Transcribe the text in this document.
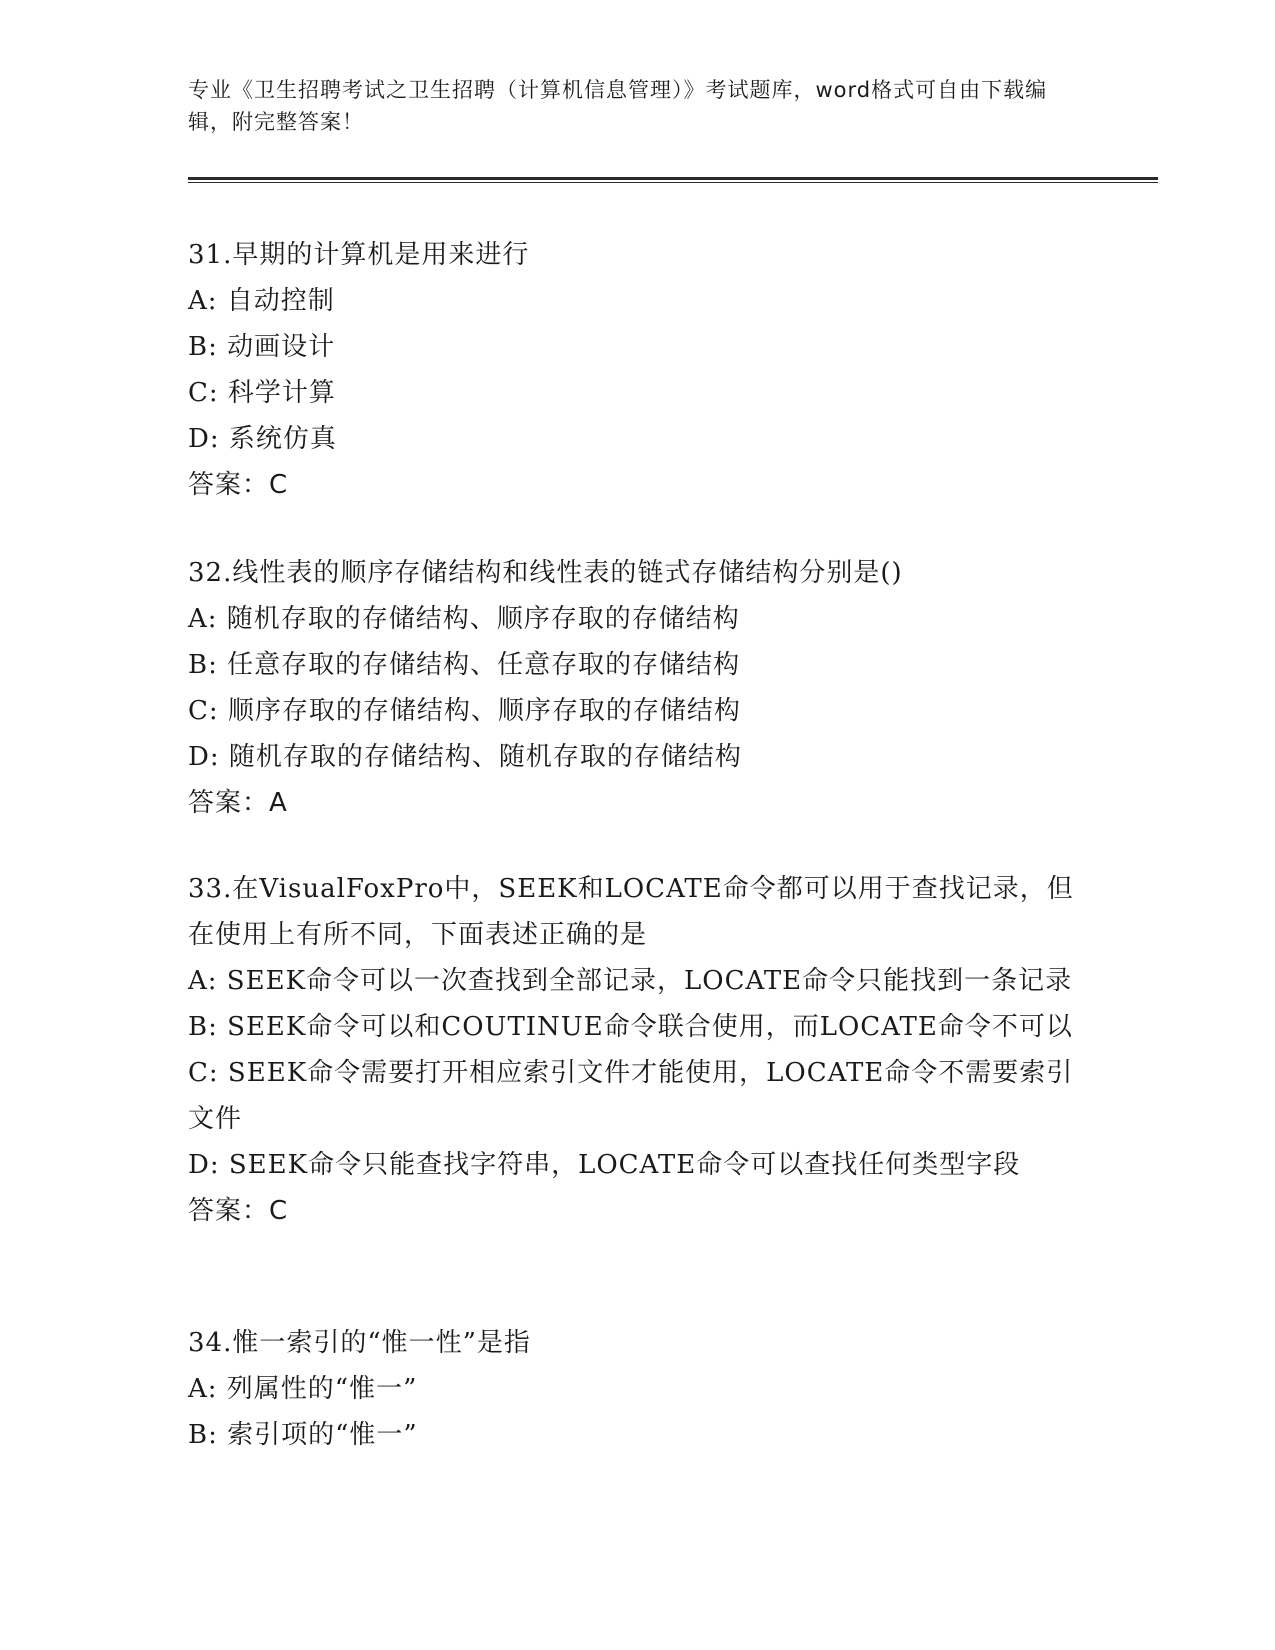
专业《卫生招聘考试之卫生招聘（计算机信息管理）》考试题库，word格式可自由下载编辑，附完整答案！
31.早期的计算机是用来进行
A: 自动控制
B: 动画设计
C: 科学计算
D: 系统仿真
答案：C
32.线性表的顺序存储结构和线性表的链式存储结构分别是()
A: 随机存取的存储结构、顺序存取的存储结构
B: 任意存取的存储结构、任意存取的存储结构
C: 顺序存取的存储结构、顺序存取的存储结构
D: 随机存取的存储结构、随机存取的存储结构
答案：A
33.在VisualFoxPro中，SEEK和LOCATE命令都可以用于查找记录，但在使用上有所不同，下面表述正确的是
A: SEEK命令可以一次查找到全部记录，LOCATE命令只能找到一条记录
B: SEEK命令可以和COUTINUE命令联合使用，而LOCATE命令不可以
C: SEEK命令需要打开相应索引文件才能使用，LOCATE命令不需要索引文件
D: SEEK命令只能查找字符串，LOCATE命令可以查找任何类型字段
答案：C
34.惟一索引的“惟一性”是指
A: 列属性的“惟一”
B: 索引项的“惟一”
